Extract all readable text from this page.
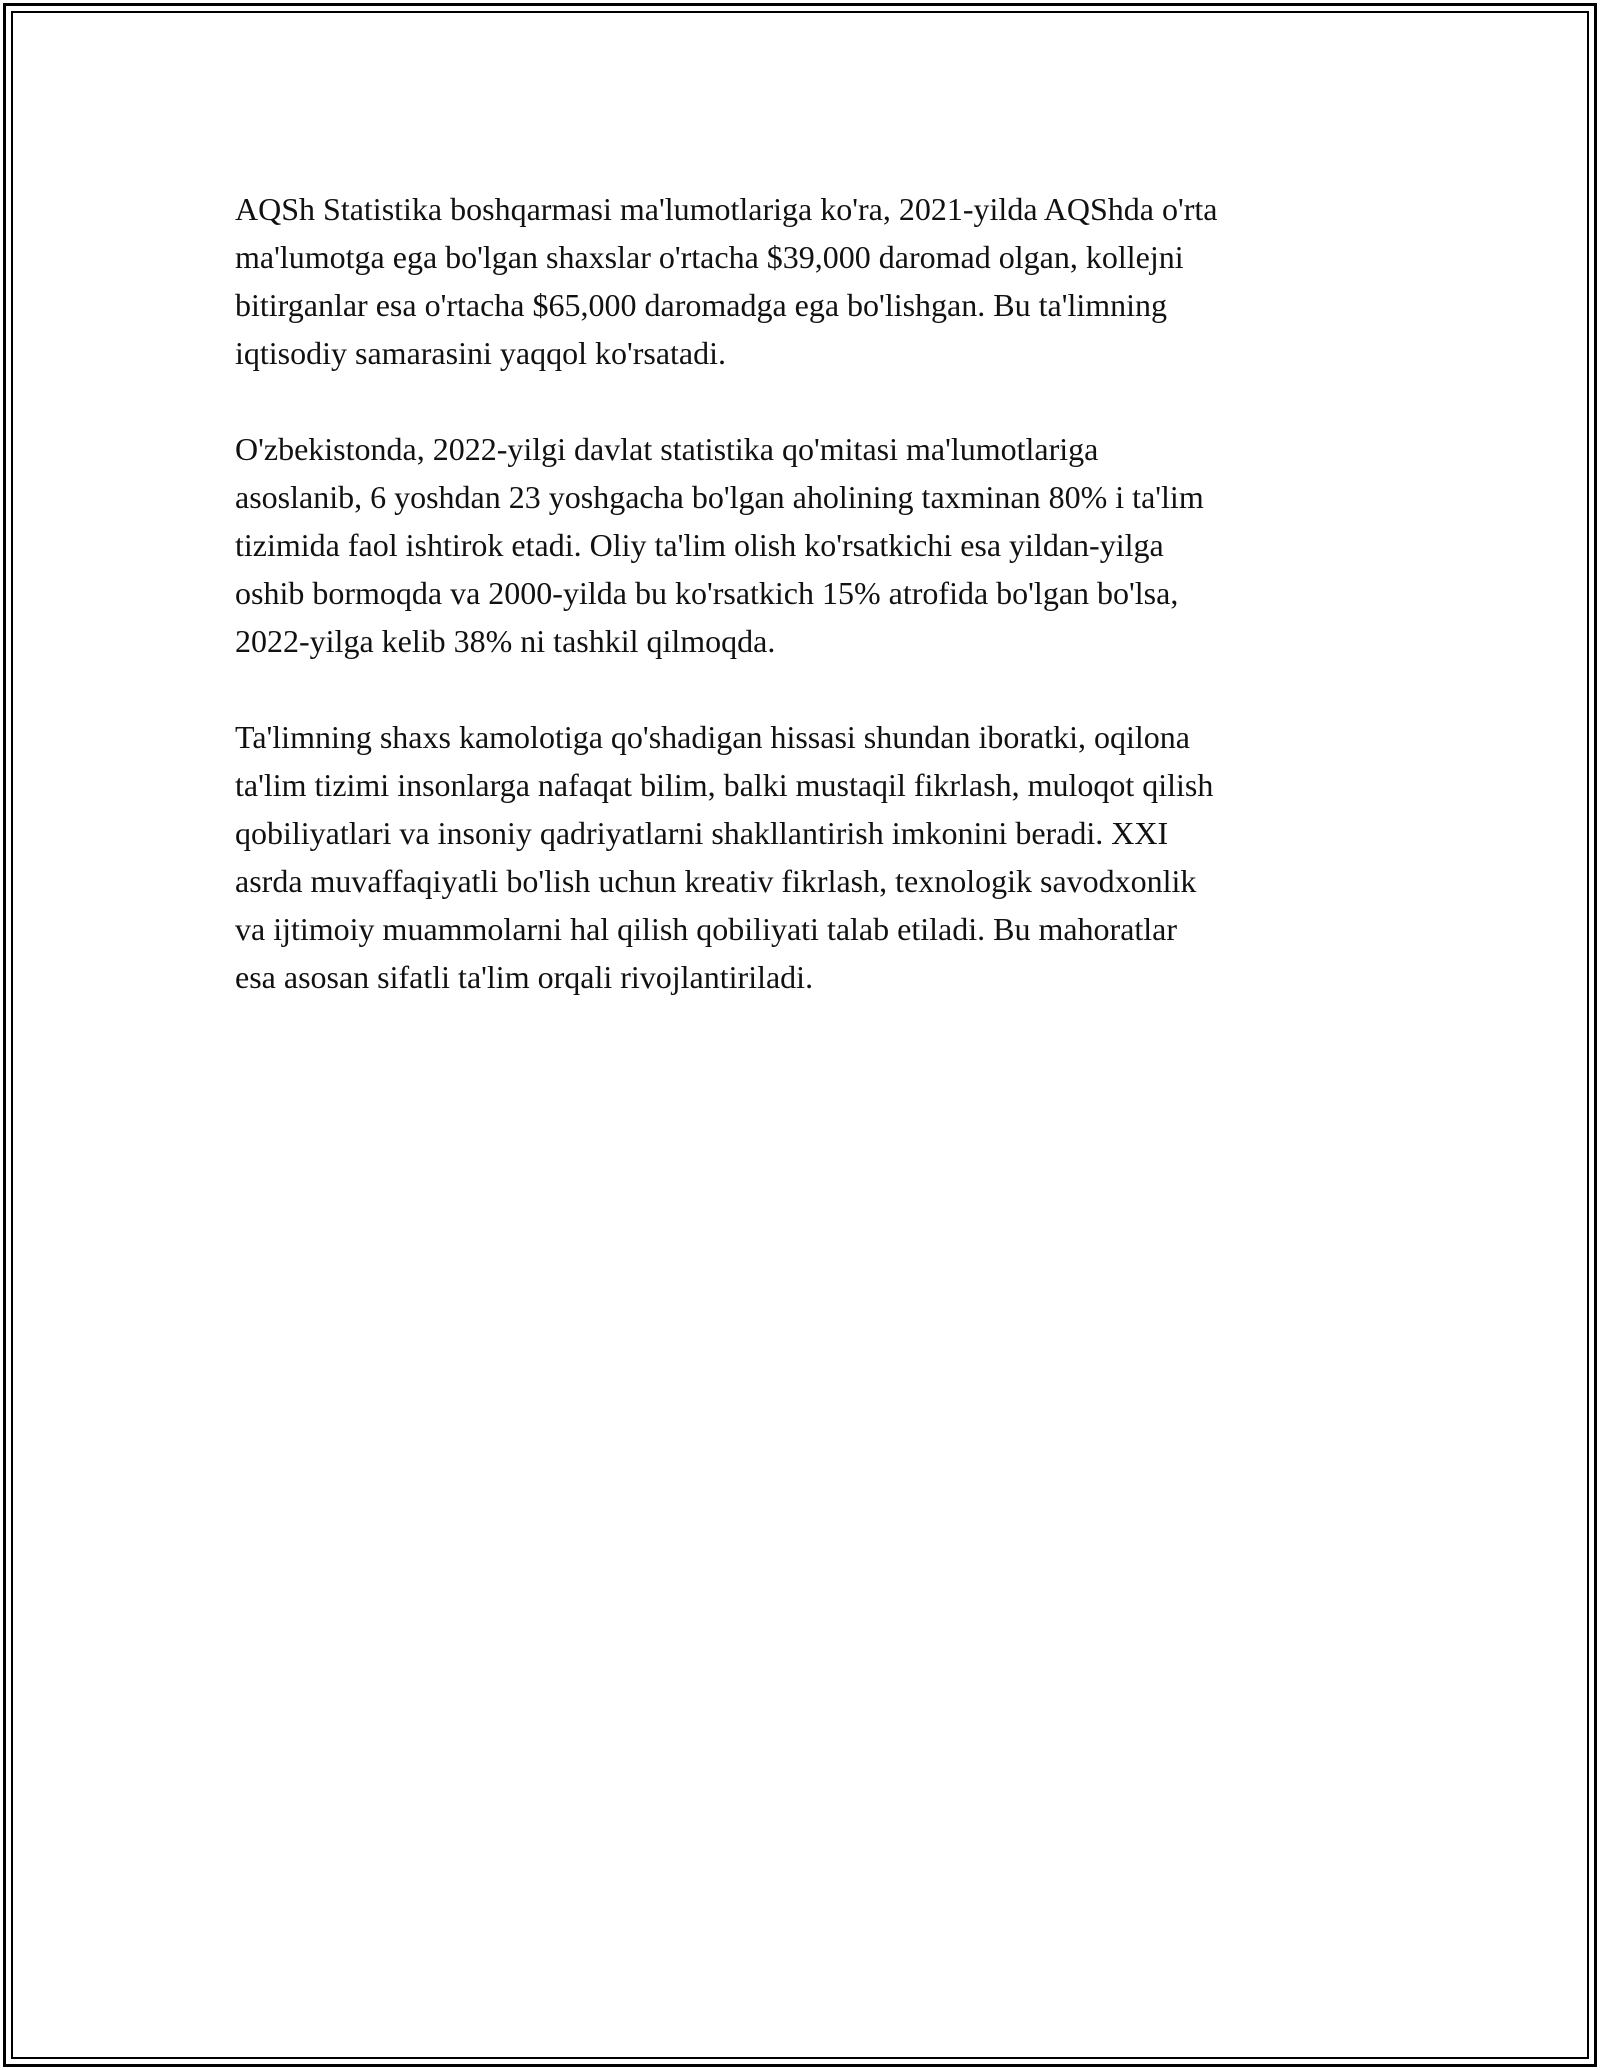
AQSh Statistika boshqarmasi ma'lumotlariga ko'ra, 2021-yilda AQShda o'rta
ma'lumotga ega bo'lgan shaxslar o'rtacha $39,000 daromad olgan, kollejni
bitirganlar esa o'rtacha $65,000 daromadga ega bo'lishgan. Bu ta'limning
iqtisodiy samarasini yaqqol ko'rsatadi.

O'zbekistonda, 2022-yilgi davlat statistika qo'mitasi ma'lumotlariga
asoslanib, 6 yoshdan 23 yoshgacha bo'lgan aholining taxminan 80% i ta'lim
tizimida faol ishtirok etadi. Oliy ta'lim olish ko'rsatkichi esa yildan-yilga
oshib bormoqda va 2000-yilda bu ko'rsatkich 15% atrofida bo'lgan bo'lsa,
2022-yilga kelib 38% ni tashkil qilmoqda.

Ta'limning shaxs kamolotiga qo'shadigan hissasi shundan iboratki, oqilona
ta'lim tizimi insonlarga nafaqat bilim, balki mustaqil fikrlash, muloqot qilish
qobiliyatlari va insoniy qadriyatlarni shakllantirish imkonini beradi. XXI
asrda muvaffaqiyatli bo'lish uchun kreativ fikrlash, texnologik savodxonlik
va ijtimoiy muammolarni hal qilish qobiliyati talab etiladi. Bu mahoratlar
esa asosan sifatli ta'lim orqali rivojlantiriladi.
